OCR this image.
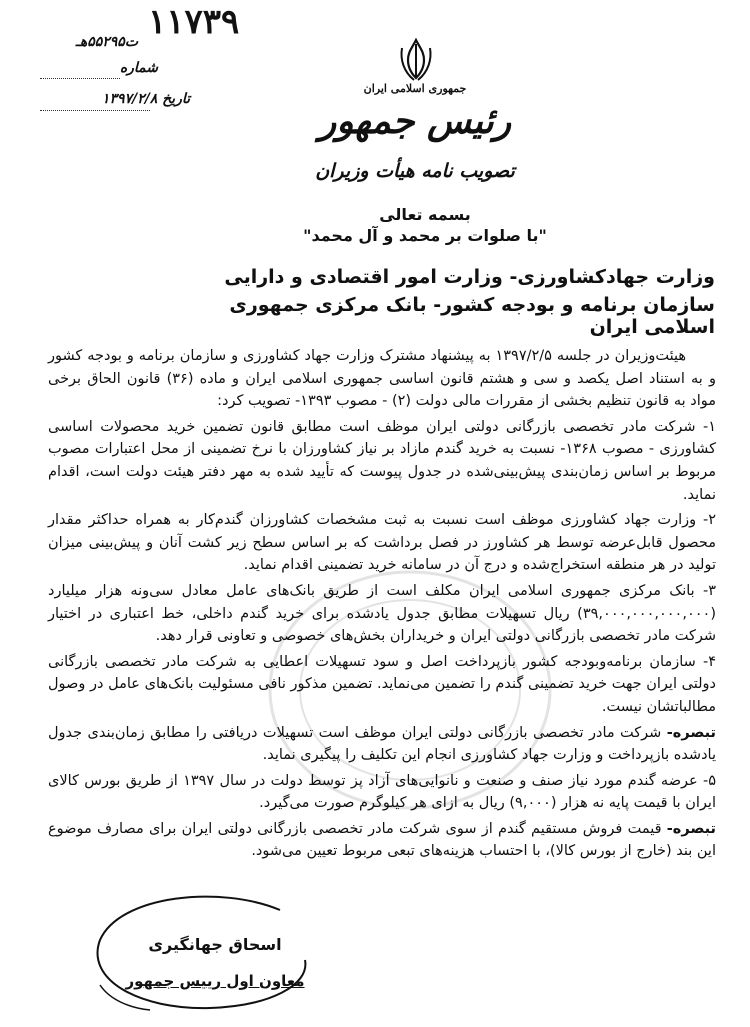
۱۱۷۳۹
ت۵۵۲۹۵هـ
شماره
تاریخ ۱۳۹۷/۲/۸
جمهوری اسلامی ایران
رئیس جمهور
تصویب نامه هیأت وزیران
بسمه تعالی
"با صلوات بر محمد و آل محمد"
وزارت جهادکشاورزی- وزارت امور اقتصادی و دارایی
سازمان برنامه و بودجه کشور- بانک مرکزی جمهوری اسلامی ایران

هیئت‌وزیران در جلسه ۱۳۹۷/۲/۵ به پیشنهاد مشترک وزارت جهاد کشاورزی و سازمان برنامه و بودجه کشور و به استناد اصل یکصد و سی و هشتم قانون اساسی جمهوری اسلامی ایران و ماده (۳۶) قانون الحاق برخی مواد به قانون تنظیم بخشی از مقررات مالی دولت (۲) - مصوب ۱۳۹۳- تصویب کرد:

۱- شرکت مادر تخصصی بازرگانی دولتی ایران موظف است مطابق قانون تضمین خرید محصولات اساسی کشاورزی - مصوب ۱۳۶۸- نسبت به خرید گندم مازاد بر نیاز کشاورزان با نرخ تضمینی از محل اعتبارات مصوب مربوط بر اساس زمان‌بندی پیش‌بینی‌شده در جدول پیوست که تأیید شده به مهر دفتر هیئت دولت است، اقدام نماید.

۲- وزارت جهاد کشاورزی موظف است نسبت به ثبت مشخصات کشاورزان گندم‌کار به همراه حداکثر مقدار محصول قابل‌عرضه توسط هر کشاورز در فصل برداشت که بر اساس سطح زیر کشت آنان و پیش‌بینی میزان تولید در هر منطقه استخراج‌شده و درج آن در سامانه خرید تضمینی اقدام نماید.

۳- بانک مرکزی جمهوری اسلامی ایران مکلف است از طریق بانک‌های عامل معادل سی‌ونه هزار میلیارد (۳۹,۰۰۰,۰۰۰,۰۰۰,۰۰۰) ریال تسهیلات مطابق جدول یادشده برای خرید گندم داخلی، خط اعتباری در اختیار شرکت مادر تخصصی بازرگانی دولتی ایران و خریداران بخش‌های خصوصی و تعاونی قرار دهد.

۴- سازمان برنامه‌وبودجه کشور بازپرداخت اصل و سود تسهیلات اعطایی به شرکت مادر تخصصی بازرگانی دولتی ایران جهت خرید تضمینی گندم را تضمین می‌نماید. تضمین مذکور نافی مسئولیت بانک‌های عامل در وصول مطالباتشان نیست.

تبصره- شرکت مادر تخصصی بازرگانی دولتی ایران موظف است تسهیلات دریافتی را مطابق زمان‌بندی جدول یادشده بازپرداخت و وزارت جهاد کشاورزی انجام این تکلیف را پیگیری نماید.

۵- عرضه گندم مورد نیاز صنف و صنعت و نانوایی‌های آزاد پز توسط دولت در سال ۱۳۹۷ از طریق بورس کالای ایران با قیمت پایه نه هزار (۹,۰۰۰) ریال به ازای هر کیلوگرم صورت می‌گیرد.

تبصره- قیمت فروش مستقیم گندم از سوی شرکت مادر تخصصی بازرگانی دولتی ایران برای مصارف موضوع این بند (خارج از بورس کالا)، با احتساب هزینه‌های تبعی مربوط تعیین می‌شود.

اسحاق جهانگیری
معاون اول رییس جمهور
